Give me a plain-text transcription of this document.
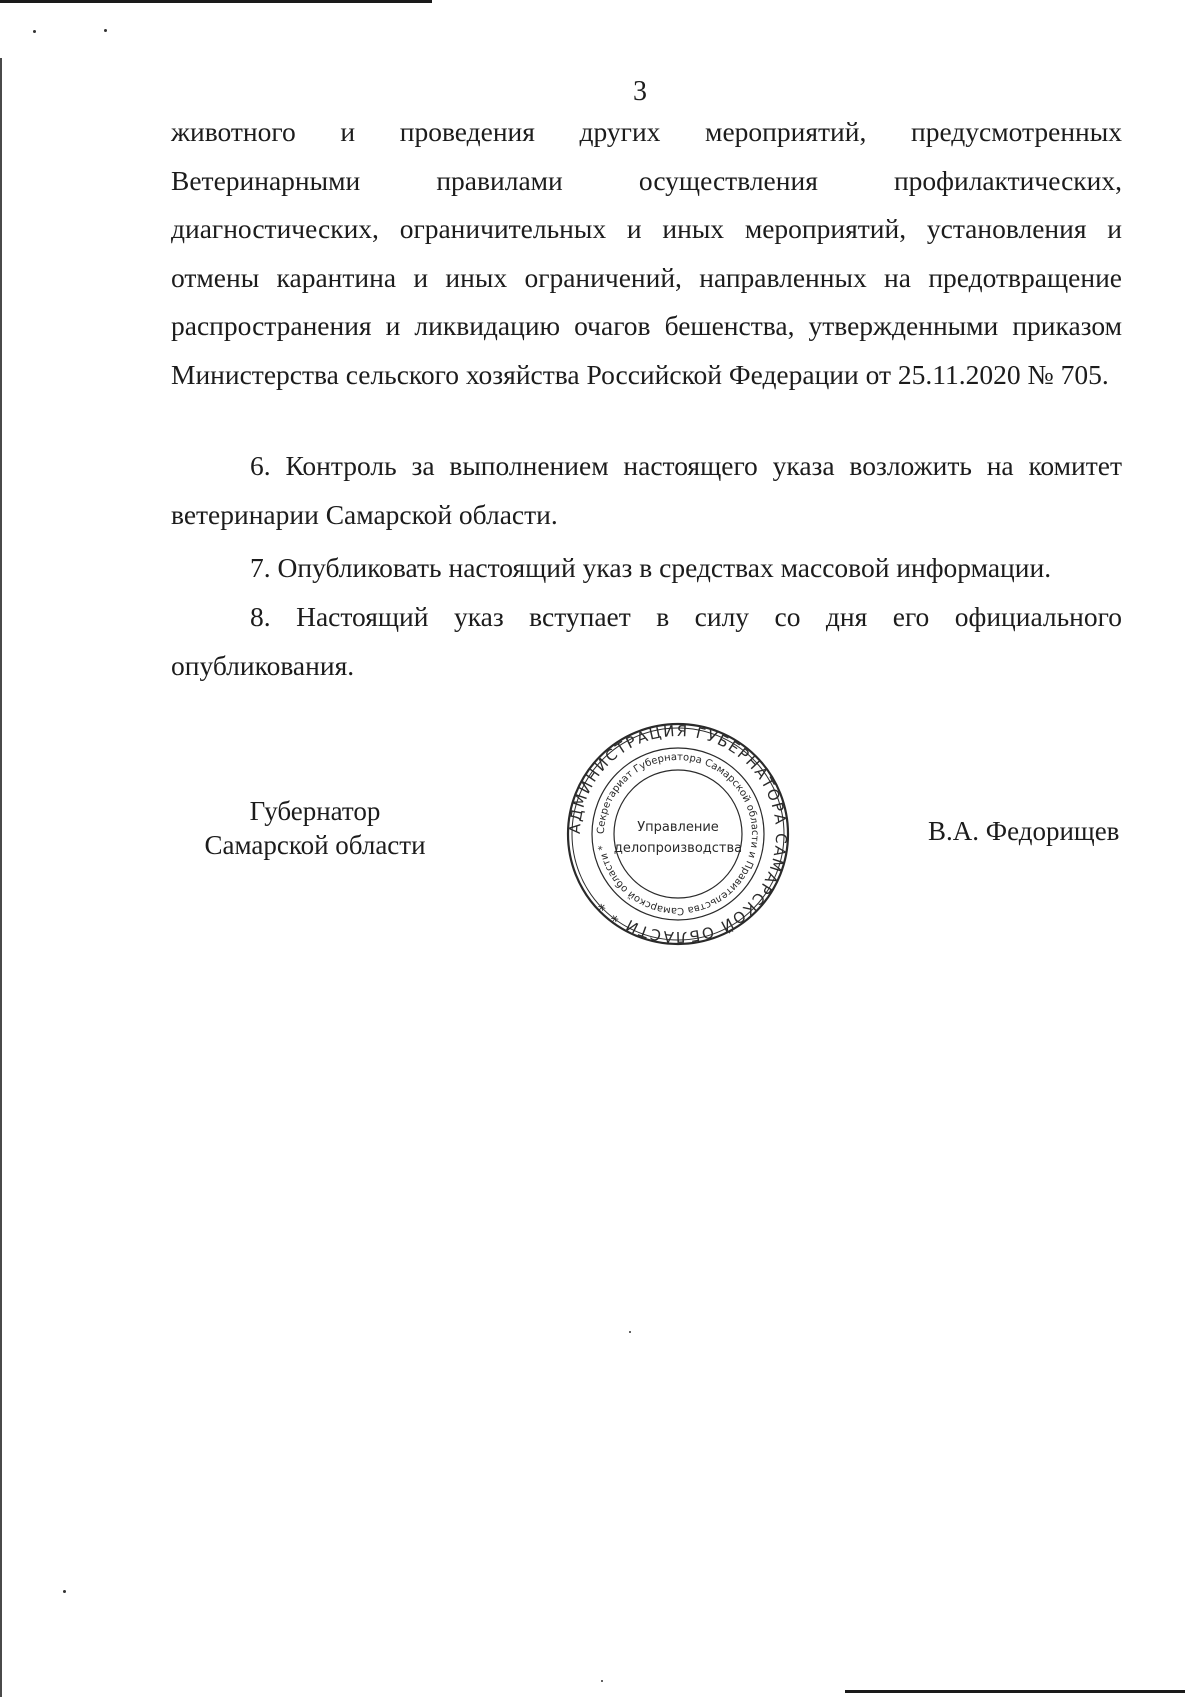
3

животного и проведения других мероприятий, предусмотренных Ветеринарными правилами осуществления профилактических, диагностических, ограничительных и иных мероприятий, установления и отмены карантина и иных ограничений, направленных на предотвращение распространения и ликвидацию очагов бешенства, утвержденными приказом Министерства сельского хозяйства Российской Федерации от 25.11.2020 № 705.

6. Контроль за выполнением настоящего указа возложить на комитет ветеринарии Самарской области.

7. Опубликовать настоящий указ в средствах массовой информации.

8. Настоящий указ вступает в силу со дня его официального опубликования.

Губернатор
Самарской области	В.А. Федорищев
АДМИНИСТРАЦИЯ ГУБЕРНАТОРА САМАРСКОЙ ОБЛАСТИ * *
Секретариат Губернатора Самарской области и Правительства Самарской области *
Управление
делопроизводства
